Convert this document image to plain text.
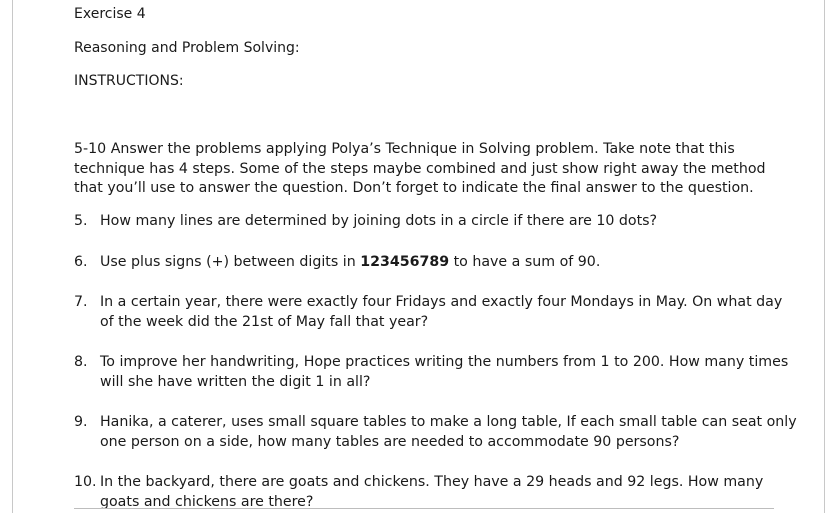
Exercise 4
Reasoning and Problem Solving:
INSTRUCTIONS:
5-10 Answer the problems applying Polya’s Technique in Solving problem. Take note that this technique has 4 steps. Some of the steps maybe combined and just show right away the method that you’ll use to answer the question. Don’t forget to indicate the final answer to the question.
5. How many lines are determined by joining dots in a circle if there are 10 dots?
6. Use plus signs (+) between digits in 123456789 to have a sum of 90.
7. In a certain year, there were exactly four Fridays and exactly four Mondays in May. On what day of the week did the 21st of May fall that year?
8. To improve her handwriting, Hope practices writing the numbers from 1 to 200. How many times will she have written the digit 1 in all?
9. Hanika, a caterer, uses small square tables to make a long table, If each small table can seat only one person on a side, how many tables are needed to accommodate 90 persons?
10. In the backyard, there are goats and chickens. They have a 29 heads and 92 legs. How many goats and chickens are there?
